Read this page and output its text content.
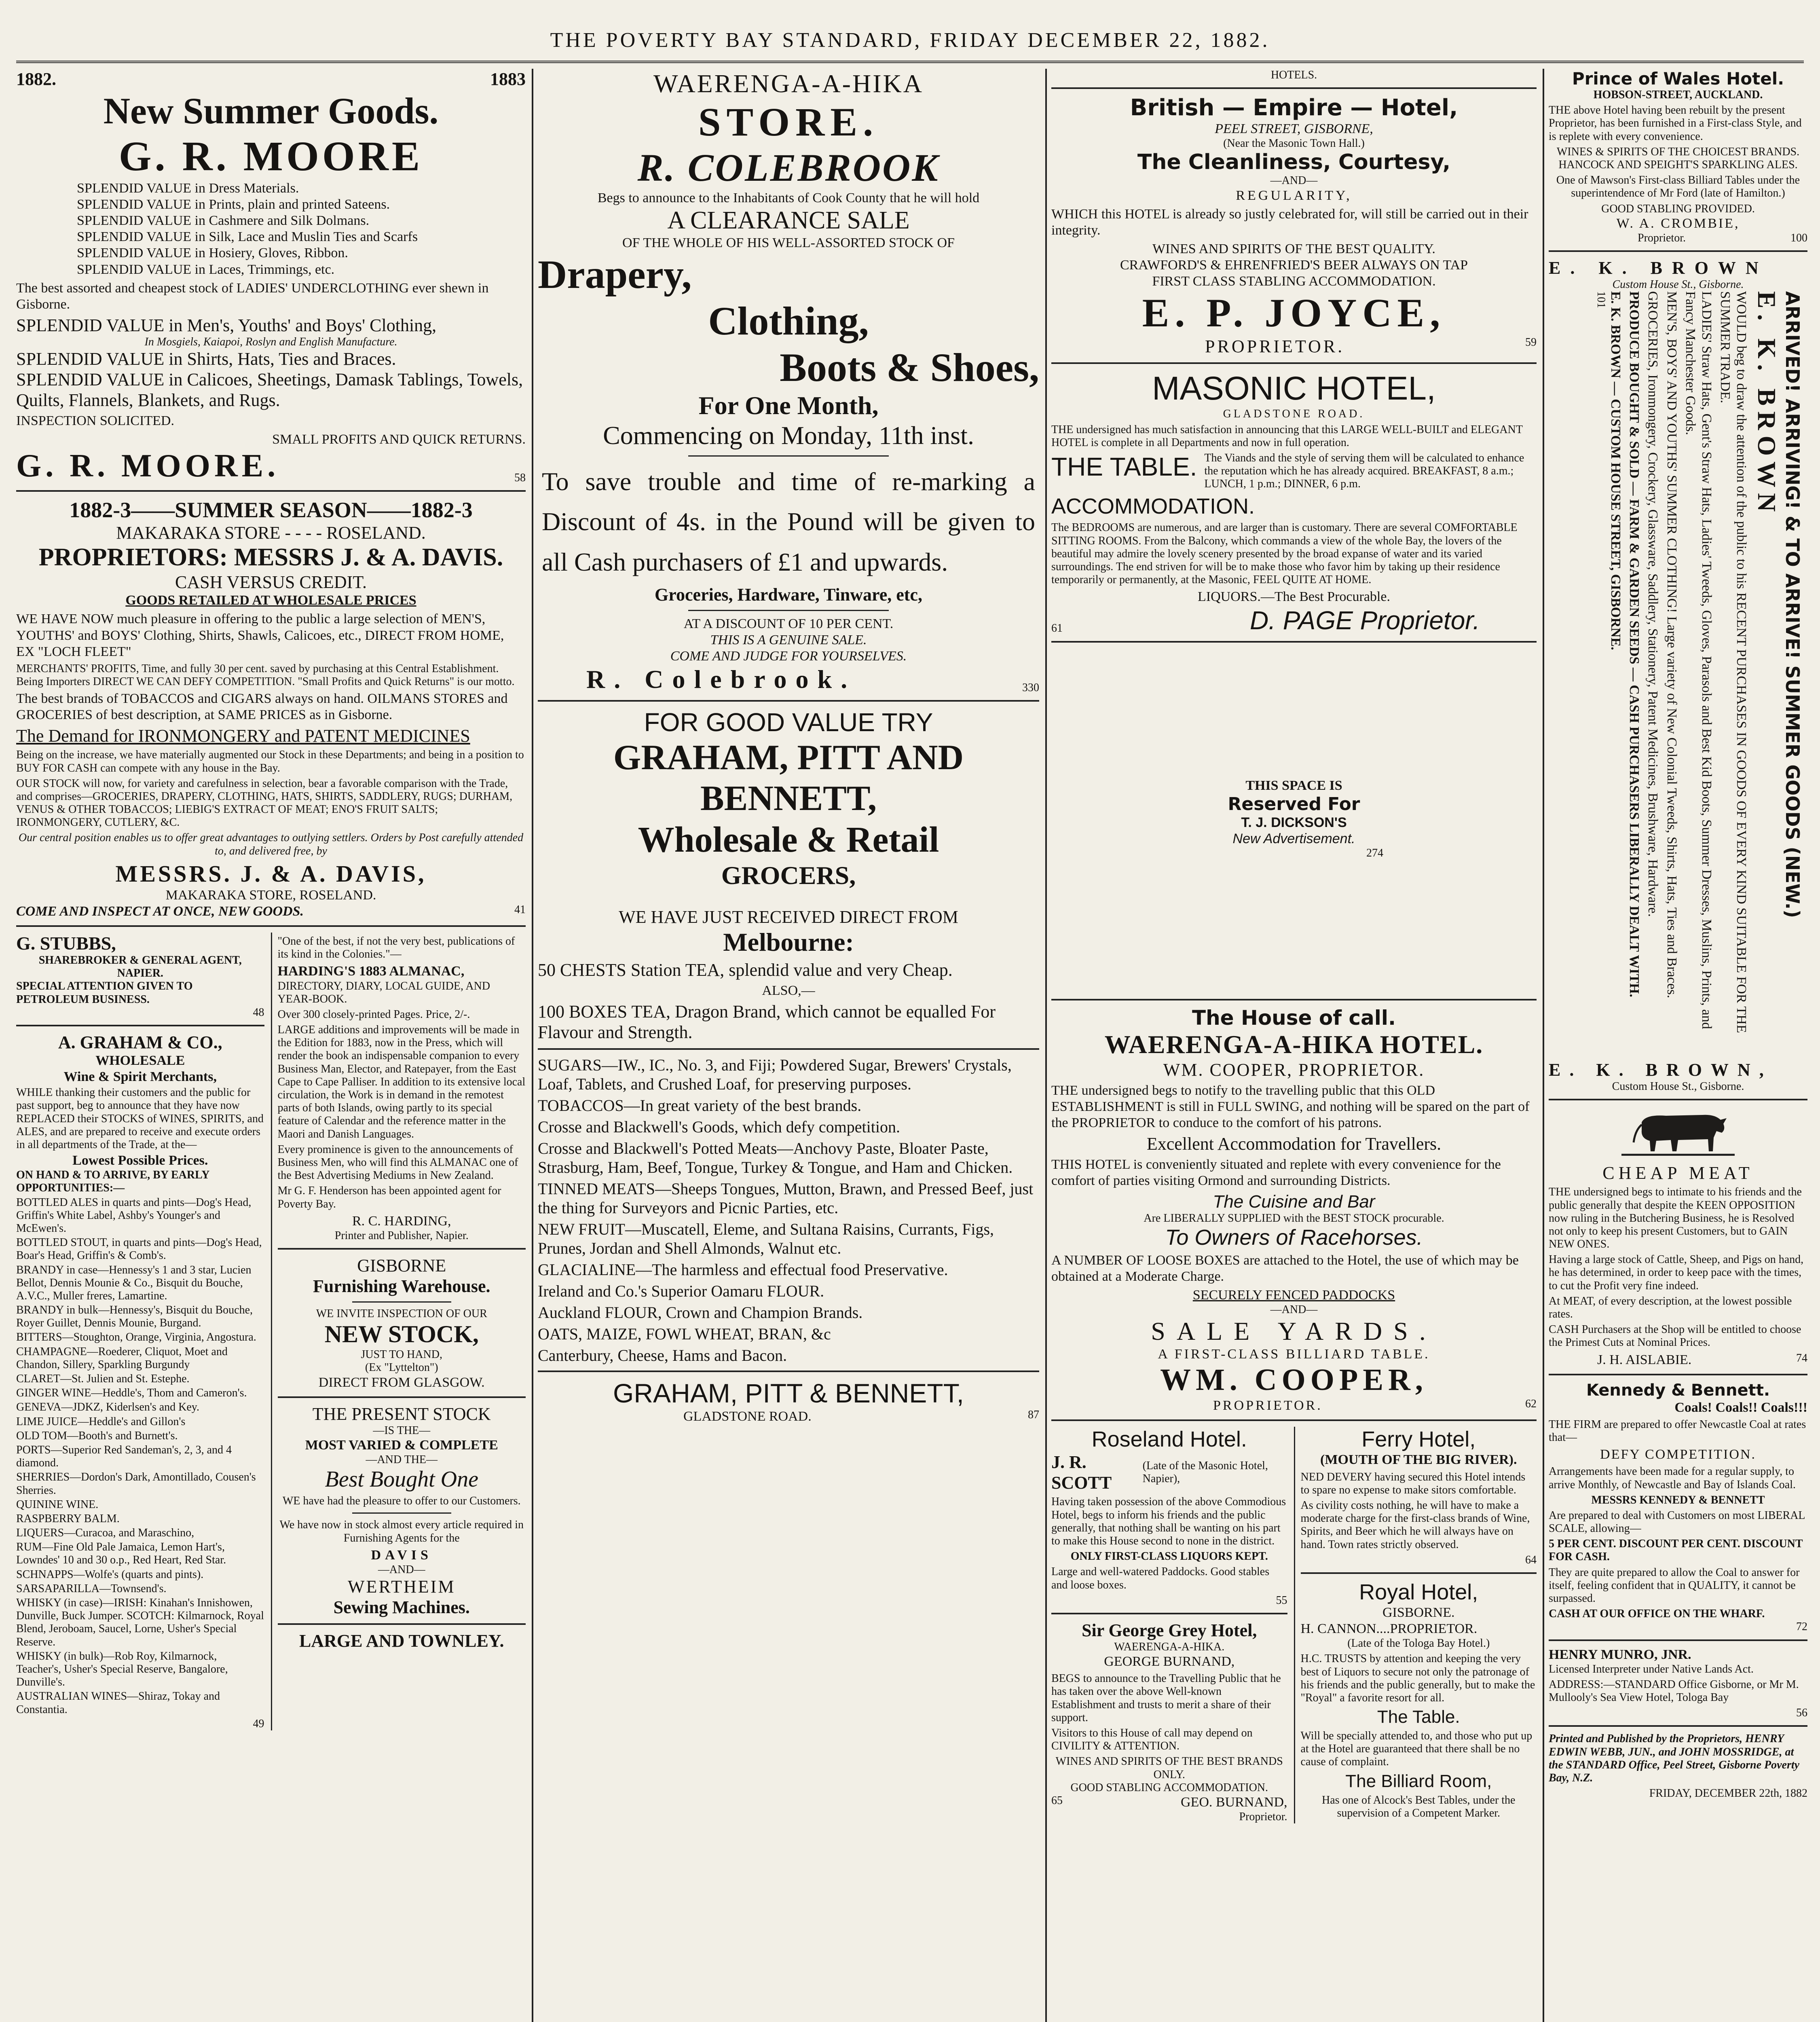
THE POVERTY BAY STANDARD, FRIDAY DECEMBER 22, 1882.
1882.	1883
New Summer Goods.
G. R. MOORE
SPLENDID VALUE in Dress Materials.
SPLENDID VALUE in Prints, plain and printed Sateens.
SPLENDID VALUE in Cashmere and Silk Dolmans.
SPLENDID VALUE in Silk, Lace and Muslin Ties and Scarfs
SPLENDID VALUE in Hosiery, Gloves, Ribbon.
SPLENDID VALUE in Laces, Trimmings, etc.

The best assorted and cheapest stock of LADIES' UNDERCLOTHING ever shewn in Gisborne.

SPLENDID VALUE in Men's, Youths' and Boys' Clothing,
In Mosgiels, Kaiapoi, Roslyn and English Manufacture.
SPLENDID VALUE in Shirts, Hats, Ties and Braces.
SPLENDID VALUE in Calicoes, Sheetings, Damask Tablings, Towels, Quilts, Flannels, Blankets, and Rugs.

INSPECTION SOLICITED.

SMALL PROFITS AND QUICK RETURNS.
G. R. MOORE.	58
1882-3——SUMMER SEASON——1882-3
MAKARAKA STORE - - - - ROSELAND.
PROPRIETORS: MESSRS J. & A. DAVIS.
CASH VERSUS CREDIT.
GOODS RETAILED AT WHOLESALE PRICES

WE HAVE NOW much pleasure in offering to the public a large selection of MEN'S, YOUTHS' and BOYS' Clothing, Shirts, Shawls, Calicoes, etc., DIRECT FROM HOME, EX "LOCH FLEET"

MERCHANTS' PROFITS, Time, and fully 30 per cent. saved by purchasing at this Central Establishment. Being Importers DIRECT WE CAN DEFY COMPETITION. "Small Profits and Quick Returns" is our motto.

The best brands of TOBACCOS and CIGARS always on hand. OILMANS STORES and GROCERIES of best description, at SAME PRICES as in Gisborne.

The Demand for IRONMONGERY and PATENT MEDICINES

Being on the increase, we have materially augmented our Stock in these Departments; and being in a position to BUY FOR CASH can compete with any house in the Bay.

OUR STOCK will now, for variety and carefulness in selection, bear a favorable comparison with the Trade, and comprises—GROCERIES, DRAPERY, CLOTHING, HATS, SHIRTS, SADDLERY, RUGS; DURHAM, VENUS & OTHER TOBACCOS; LIEBIG'S EXTRACT OF MEAT; ENO'S FRUIT SALTS; IRONMONGERY, CUTLERY, &C.

Our central position enables us to offer great advantages to outlying settlers. Orders by Post carefully attended to, and delivered free, by

MESSRS. J. & A. DAVIS,
MAKARAKA STORE, ROSELAND.
COME AND INSPECT AT ONCE, NEW GOODS.	41
G. STUBBS,
SHAREBROKER & GENERAL AGENT, NAPIER.
SPECIAL ATTENTION GIVEN TO PETROLEUM BUSINESS.
48
A. GRAHAM & CO.,
WHOLESALE
Wine & Spirit Merchants,

WHILE thanking their customers and the public for past support, beg to announce that they have now REPLACED their STOCKS of WINES, SPIRITS, and ALES, and are prepared to receive and execute orders in all departments of the Trade, at the—

Lowest Possible Prices.
ON HAND & TO ARRIVE, BY EARLY OPPORTUNITIES:—

BOTTLED ALES in quarts and pints—Dog's Head, Griffin's White Label, Ashby's Younger's and McEwen's.

BOTTLED STOUT, in quarts and pints—Dog's Head, Boar's Head, Griffin's & Comb's.

BRANDY in case—Hennessy's 1 and 3 star, Lucien Bellot, Dennis Mounie & Co., Bisquit du Bouche, A.V.C., Muller freres, Lamartine.

BRANDY in bulk—Hennessy's, Bisquit du Bouche, Royer Guillet, Dennis Mounie, Burgand.

BITTERS—Stoughton, Orange, Virginia, Angostura.

CHAMPAGNE—Roederer, Cliquot, Moet and Chandon, Sillery, Sparkling Burgundy

CLARET—St. Julien and St. Estephe.

GINGER WINE—Heddle's, Thom and Cameron's.

GENEVA—JDKZ, Kiderlsen's and Key.

LIME JUICE—Heddle's and Gillon's

OLD TOM—Booth's and Burnett's.

PORTS—Superior Red Sandeman's, 2, 3, and 4 diamond.

SHERRIES—Dordon's Dark, Amontillado, Cousen's Sherries.

QUININE WINE.

RASPBERRY BALM.

LIQUERS—Curacoa, and Maraschino,

RUM—Fine Old Pale Jamaica, Lemon Hart's, Lowndes' 10 and 30 o.p., Red Heart, Red Star.

SCHNAPPS—Wolfe's (quarts and pints).

SARSAPARILLA—Townsend's.

WHISKY (in case)—IRISH: Kinahan's Innishowen, Dunville, Buck Jumper. SCOTCH: Kilmarnock, Royal Blend, Jeroboam, Saucel, Lorne, Usher's Special Reserve.

WHISKY (in bulk)—Rob Roy, Kilmarnock, Teacher's, Usher's Special Reserve, Bangalore, Dunville's.

AUSTRALIAN WINES—Shiraz, Tokay and Constantia.

49

"One of the best, if not the very best, publications of its kind in the Colonies."—

HARDING'S 1883 ALMANAC,
DIRECTORY, DIARY, LOCAL GUIDE, AND YEAR-BOOK.

Over 300 closely-printed Pages. Price, 2/-.

LARGE additions and improvements will be made in the Edition for 1883, now in the Press, which will render the book an indispensable companion to every Business Man, Elector, and Ratepayer, from the East Cape to Cape Palliser. In addition to its extensive local circulation, the Work is in demand in the remotest parts of both Islands, owing partly to its special feature of Calendar and the reference matter in the Maori and Danish Languages.

Every prominence is given to the announcements of Business Men, who will find this ALMANAC one of the Best Advertising Mediums in New Zealand.

Mr G. F. Henderson has been appointed agent for Poverty Bay.

R. C. HARDING,
Printer and Publisher, Napier.
GISBORNE
Furnishing Warehouse.
WE INVITE INSPECTION OF OUR
NEW STOCK,
JUST TO HAND,
(Ex "Lyttelton")
DIRECT FROM GLASGOW.
THE PRESENT STOCK
—IS THE—
MOST VARIED & COMPLETE
—AND THE—
Best Bought One

WE have had the pleasure to offer to our Customers.

We have now in stock almost every article required in Furnishing Agents for the

DAVIS
—AND—
WERTHEIM
Sewing Machines.
LARGE AND TOWNLEY.
WAERENGA-A-HIKA
STORE.
R. COLEBROOK
Begs to announce to the Inhabitants of Cook County that he will hold
A CLEARANCE SALE
OF THE WHOLE OF HIS WELL-ASSORTED STOCK OF
Drapery,
Clothing,
Boots & Shoes,
For One Month,
Commencing on Monday, 11th inst.

To save trouble and time of re-marking a Discount of 4s. in the Pound will be given to all Cash purchasers of £1 and upwards.

Groceries, Hardware, Tinware, etc,
AT A DISCOUNT OF 10 PER CENT.
THIS IS A GENUINE SALE.
COME AND JUDGE FOR YOURSELVES.
R. Colebrook.	330
FOR GOOD VALUE TRY
GRAHAM, PITT AND BENNETT,
Wholesale & Retail
GROCERS,
WE HAVE JUST RECEIVED DIRECT FROM
Melbourne:

50 CHESTS Station TEA, splendid value and very Cheap.

ALSO,—

100 BOXES TEA, Dragon Brand, which cannot be equalled For Flavour and Strength.

SUGARS—IW., IC., No. 3, and Fiji; Powdered Sugar, Brewers' Crystals, Loaf, Tablets, and Crushed Loaf, for preserving purposes.

TOBACCOS—In great variety of the best brands.

Crosse and Blackwell's Goods, which defy competition.

Crosse and Blackwell's Potted Meats—Anchovy Paste, Bloater Paste, Strasburg, Ham, Beef, Tongue, Turkey & Tongue, and Ham and Chicken.

TINNED MEATS—Sheeps Tongues, Mutton, Brawn, and Pressed Beef, just the thing for Surveyors and Picnic Parties, etc.

NEW FRUIT—Muscatell, Eleme, and Sultana Raisins, Currants, Figs, Prunes, Jordan and Shell Almonds, Walnut etc.

GLACIALINE—The harmless and effectual food Preservative.

Ireland and Co.'s Superior Oamaru FLOUR.

Auckland FLOUR, Crown and Champion Brands.

OATS, MAIZE, FOWL WHEAT, BRAN, &c

Canterbury, Cheese, Hams and Bacon.

GRAHAM, PITT & BENNETT,
GLADSTONE ROAD.	87
HOTELS.
British — Empire — Hotel,
PEEL STREET, GISBORNE,
(Near the Masonic Town Hall.)
The Cleanliness, Courtesy,
—AND—
REGULARITY,

WHICH this HOTEL is already so justly celebrated for, will still be carried out in their integrity.

WINES AND SPIRITS OF THE BEST QUALITY.
CRAWFORD'S & EHRENFRIED'S BEER ALWAYS ON TAP
FIRST CLASS STABLING ACCOMMODATION.
E. P. JOYCE,
PROPRIETOR.	59
MASONIC HOTEL,
GLADSTONE ROAD.

THE undersigned has much satisfaction in announcing that this LARGE WELL-BUILT and ELEGANT HOTEL is complete in all Departments and now in full operation.

THE TABLE. The Viands and the style of serving them will be calculated to enhance the reputation which he has already acquired. BREAKFAST, 8 a.m.; LUNCH, 1 p.m.; DINNER, 6 p.m.
ACCOMMODATION.

The BEDROOMS are numerous, and are larger than is customary. There are several COMFORTABLE SITTING ROOMS. From the Balcony, which commands a view of the whole Bay, the lovers of the beautiful may admire the lovely scenery presented by the broad expanse of water and its varied surroundings. The end striven for will be to make those who favor him by taking up their residence temporarily or permanently, at the Masonic, FEEL QUITE AT HOME.

LIQUORS.—The Best Procurable.
61	D. PAGE Proprietor.
THIS SPACE IS
Reserved For
T. J. DICKSON'S
New Advertisement.
274
The House of call.
WAERENGA-A-HIKA HOTEL.
WM. COOPER, PROPRIETOR.

THE undersigned begs to notify to the travelling public that this OLD ESTABLISHMENT is still in FULL SWING, and nothing will be spared on the part of the PROPRIETOR to conduce to the comfort of his patrons.

Excellent Accommodation for Travellers.

THIS HOTEL is conveniently situated and replete with every convenience for the comfort of parties visiting Ormond and surrounding Districts.

The Cuisine and Bar
Are LIBERALLY SUPPLIED with the BEST STOCK procurable.
To Owners of Racehorses.

A NUMBER OF LOOSE BOXES are attached to the Hotel, the use of which may be obtained at a Moderate Charge.

SECURELY FENCED PADDOCKS
—AND—
SALE YARDS.
A FIRST-CLASS BILLIARD TABLE.
WM. COOPER,
PROPRIETOR.	62
Roseland Hotel.
J. R. SCOTT
(Late of the Masonic Hotel, Napier),

Having taken possession of the above Commodious Hotel, begs to inform his friends and the public generally, that nothing shall be wanting on his part to make this House second to none in the district.

ONLY FIRST-CLASS LIQUORS KEPT.

Large and well-watered Paddocks. Good stables and loose boxes.

55
Sir George Grey Hotel,
WAERENGA-A-HIKA.
GEORGE BURNAND,

BEGS to announce to the Travelling Public that he has taken over the above Well-known Establishment and trusts to merit a share of their support.

Visitors to this House of call may depend on CIVILITY & ATTENTION.

WINES AND SPIRITS OF THE BEST BRANDS ONLY.
GOOD STABLING ACCOMMODATION.
65	GEO. BURNAND,
Proprietor.
Ferry Hotel,
(MOUTH OF THE BIG RIVER).

NED DEVERY having secured this Hotel intends to spare no expense to make sitors comfortable.

As civility costs nothing, he will have to make a moderate charge for the first-class brands of Wine, Spirits, and Beer which he will always have on hand. Town rates strictly observed.

64
Royal Hotel,
GISBORNE.
H. CANNON....PROPRIETOR.
(Late of the Tologa Bay Hotel.)

H.C. TRUSTS by attention and keeping the very best of Liquors to secure not only the patronage of his friends and the public generally, but to make the "Royal" a favorite resort for all.

The Table.

Will be specially attended to, and those who put up at the Hotel are guaranteed that there shall be no cause of complaint.

The Billiard Room,

Has one of Alcock's Best Tables, under the supervision of a Competent Marker.

Prince of Wales Hotel.
HOBSON-STREET, AUCKLAND.

THE above Hotel having been rebuilt by the present Proprietor, has been furnished in a First-class Style, and is replete with every convenience.

WINES & SPIRITS OF THE CHOICEST BRANDS.
HANCOCK AND SPEIGHT'S SPARKLING ALES.

One of Mawson's First-class Billiard Tables under the superintendence of Mr Ford (late of Hamilton.)

GOOD STABLING PROVIDED.
W. A. CROMBIE,
Proprietor.	100
E. K. BROWN
Custom House St., Gisborne.
ARRIVED! ARRIVING! & TO ARRIVE! SUMMER GOODS (NEW.)
E. K. BROWN

WOULD beg to draw the attention of the public to his RECENT PURCHASES IN GOODS OF EVERY KIND SUITABLE FOR THE SUMMER TRADE.

LADIES' Straw Hats, Gent's Straw Hats, Ladies' Tweeds, Gloves, Parasols and Best Kid Boots, Summer Dresses, Muslins, Prints, and Fancy Manchester Goods.

MEN'S, BOYS' AND YOUTHS' SUMMER CLOTHING! Large variety of New Colonial Tweeds, Shirts, Hats, Ties and Braces.

GROCERIES, Ironmongery, Crockery, Glassware, Saddlery, Stationery, Patent Medicines, Brushware, Hardware.

PRODUCE BOUGHT & SOLD — FARM & GARDEN SEEDS — CASH PURCHASERS LIBERALLY DEALT WITH.

E. K. BROWN — CUSTOM HOUSE STREET, GISBORNE.
101
E. K. BROWN,
Custom House St., Gisborne.
CHEAP MEAT

THE undersigned begs to intimate to his friends and the public generally that despite the KEEN OPPOSITION now ruling in the Butchering Business, he is Resolved not only to keep his present Customers, but to GAIN NEW ONES.

Having a large stock of Cattle, Sheep, and Pigs on hand, he has determined, in order to keep pace with the times, to cut the Profit very fine indeed.

At MEAT, of every description, at the lowest possible rates.

CASH Purchasers at the Shop will be entitled to choose the Primest Cuts at Nominal Prices.

J. H. AISLABIE.	74
Kennedy & Bennett.
Coals! Coals!! Coals!!!

THE FIRM are prepared to offer Newcastle Coal at rates that—

DEFY COMPETITION.

Arrangements have been made for a regular supply, to arrive Monthly, of Newcastle and Bay of Islands Coal.

MESSRS KENNEDY & BENNETT

Are prepared to deal with Customers on most LIBERAL SCALE, allowing—

5 PER CENT. DISCOUNT PER CENT. DISCOUNT FOR CASH.

They are quite prepared to allow the Coal to answer for itself, feeling confident that in QUALITY, it cannot be surpassed.

CASH AT OUR OFFICE ON THE WHARF.
72
HENRY MUNRO, JNR.
Licensed Interpreter under Native Lands Act.

ADDRESS:—STANDARD Office Gisborne, or Mr M. Mullooly's Sea View Hotel, Tologa Bay

56

Printed and Published by the Proprietors, HENRY EDWIN WEBB, JUN., and JOHN MOSSRIDGE, at the STANDARD Office, Peel Street, Gisborne Poverty Bay, N.Z.

FRIDAY, DECEMBER 22th, 1882
